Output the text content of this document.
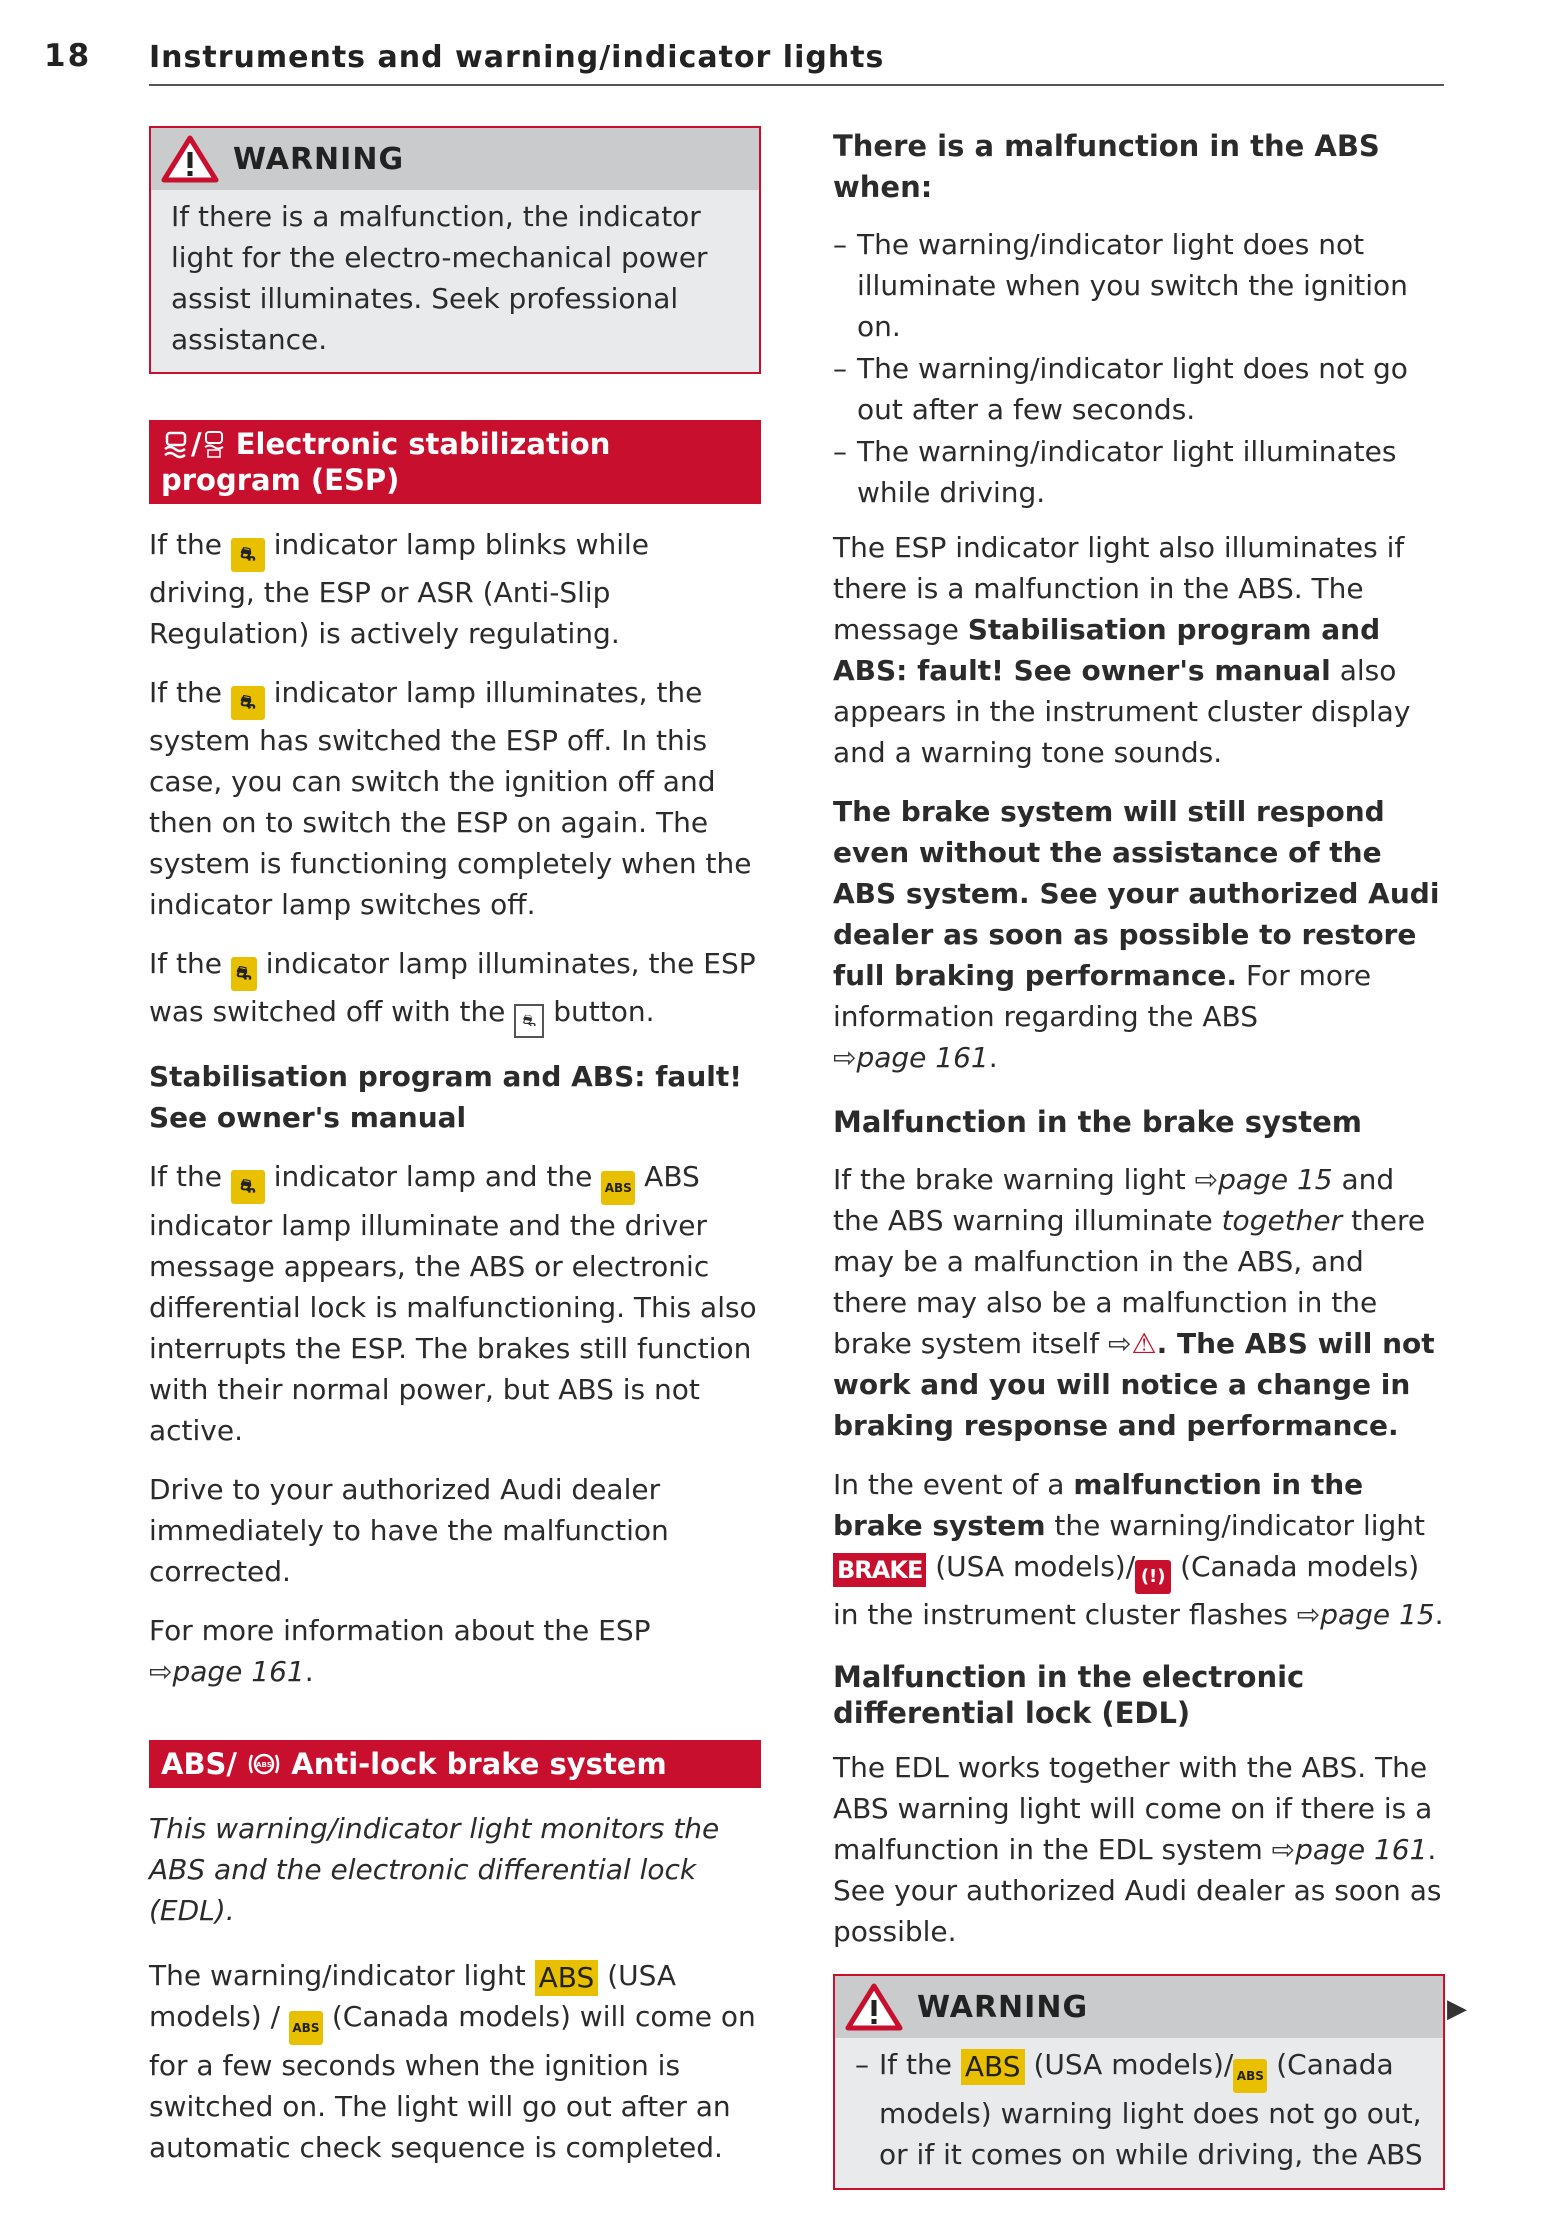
18 Instruments and warning/indicator lights
WARNING
If there is a malfunction, the indicator light for the electro-mechanical power assist illuminates. Seek professional assistance.
/ Electronic stabilization program (ESP)

If the ⛐ indicator lamp blinks while driving, the ESP or ASR (Anti-Slip Regulation) is actively regulating.

If the ⛐ indicator lamp illuminates, the system has switched the ESP off. In this case, you can switch the ignition off and then on to switch the ESP on again. The system is functioning completely when the indicator lamp switches off.

If the ⛐ indicator lamp illuminates, the ESP was switched off with the ⛐ button.

Stabilisation program and ABS: fault! See owner's manual

If the ⛐ indicator lamp and the ABS ABS indicator lamp illuminate and the driver message appears, the ABS or electronic differential lock is malfunctioning. This also interrupts the ESP. The brakes still function with their normal power, but ABS is not active.

Drive to your authorized Audi dealer immediately to have the malfunction corrected.

For more information about the ESP
⇨page 161.

ABS/	ABS Anti-lock brake system

This warning/indicator light monitors the ABS and the electronic differential lock (EDL).

The warning/indicator light ABS (USA models) / ABS (Canada models) will come on for a few seconds when the ignition is switched on. The light will go out after an automatic check sequence is completed.

There is a malfunction in the ABS when:

– The warning/indicator light does not illuminate when you switch the ignition on.
– The warning/indicator light does not go out after a few seconds.
– The warning/indicator light illuminates while driving.

The ESP indicator light also illuminates if there is a malfunction in the ABS. The message Stabilisation program and ABS: fault! See owner's manual also appears in the instrument cluster display and a warning tone sounds.

The brake system will still respond even without the assistance of the ABS system. See your authorized Audi dealer as soon as possible to restore full braking performance. For more information regarding the ABS
⇨page 161.

Malfunction in the brake system

If the brake warning light ⇨page 15 and the ABS warning illuminate together there may be a malfunction in the ABS, and there may also be a malfunction in the brake system itself ⇨⚠. The ABS will not work and you will notice a change in braking response and performance.

In the event of a malfunction in the brake system the warning/indicator light BRAKE (USA models)/ (!) (Canada models) in the instrument cluster flashes ⇨page 15.

Malfunction in the electronic differential lock (EDL)

The EDL works together with the ABS. The ABS warning light will come on if there is a malfunction in the EDL system ⇨page 161. See your authorized Audi dealer as soon as possible.

WARNING
– If the ABS (USA models)/ ABS (Canada models) warning light does not go out, or if it comes on while driving, the ABS
▶
